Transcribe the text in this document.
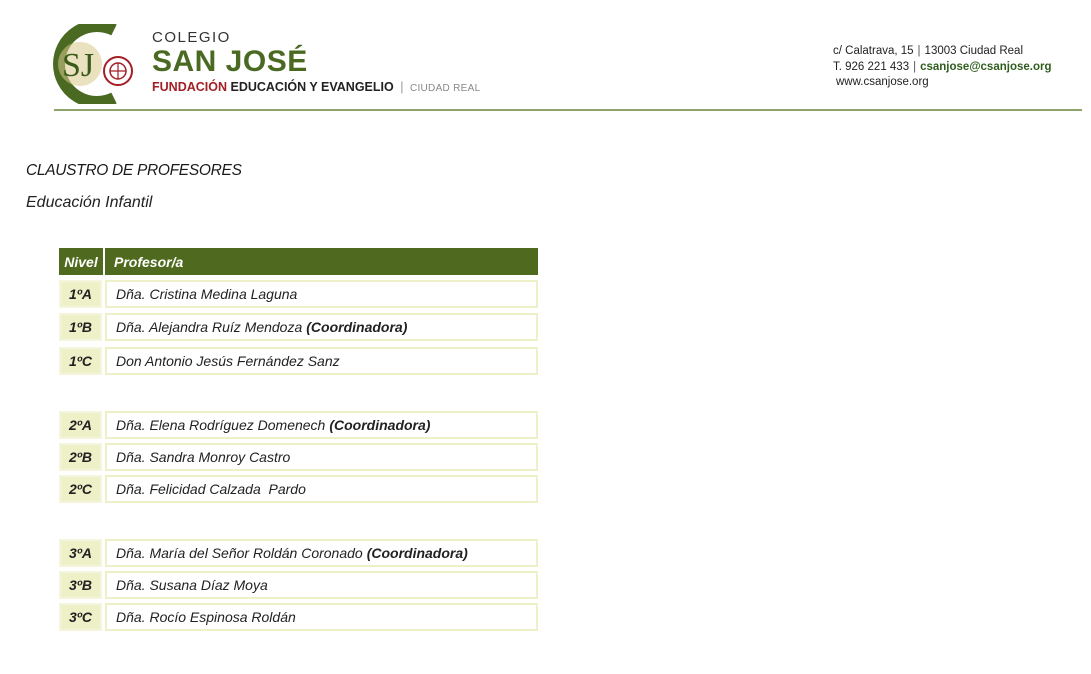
SJ
COLEGIO
SAN JOSÉ
FUNDACIÓN EDUCACIÓN Y EVANGELIO | CIUDAD REAL
c/ Calatrava, 15 | 13003 Ciudad Real
T. 926 221 433 | csanjose@csanjose.org
www.csanjose.org
CLAUSTRO DE PROFESORES
Educación Infantil
Nivel	Profesor/a
1ºA	Dña. Cristina Medina Laguna
1ºB	Dña. Alejandra Ruíz Mendoza (Coordinadora)
1ºC	Don Antonio Jesús Fernández Sanz
2ºA	Dña. Elena Rodríguez Domenech (Coordinadora)
2ºB	Dña. Sandra Monroy Castro
2ºC	Dña. Felicidad Calzada  Pardo
3ºA	Dña. María del Señor Roldán Coronado (Coordinadora)
3ºB	Dña. Susana Díaz Moya
3ºC	Dña. Rocío Espinosa Roldán
